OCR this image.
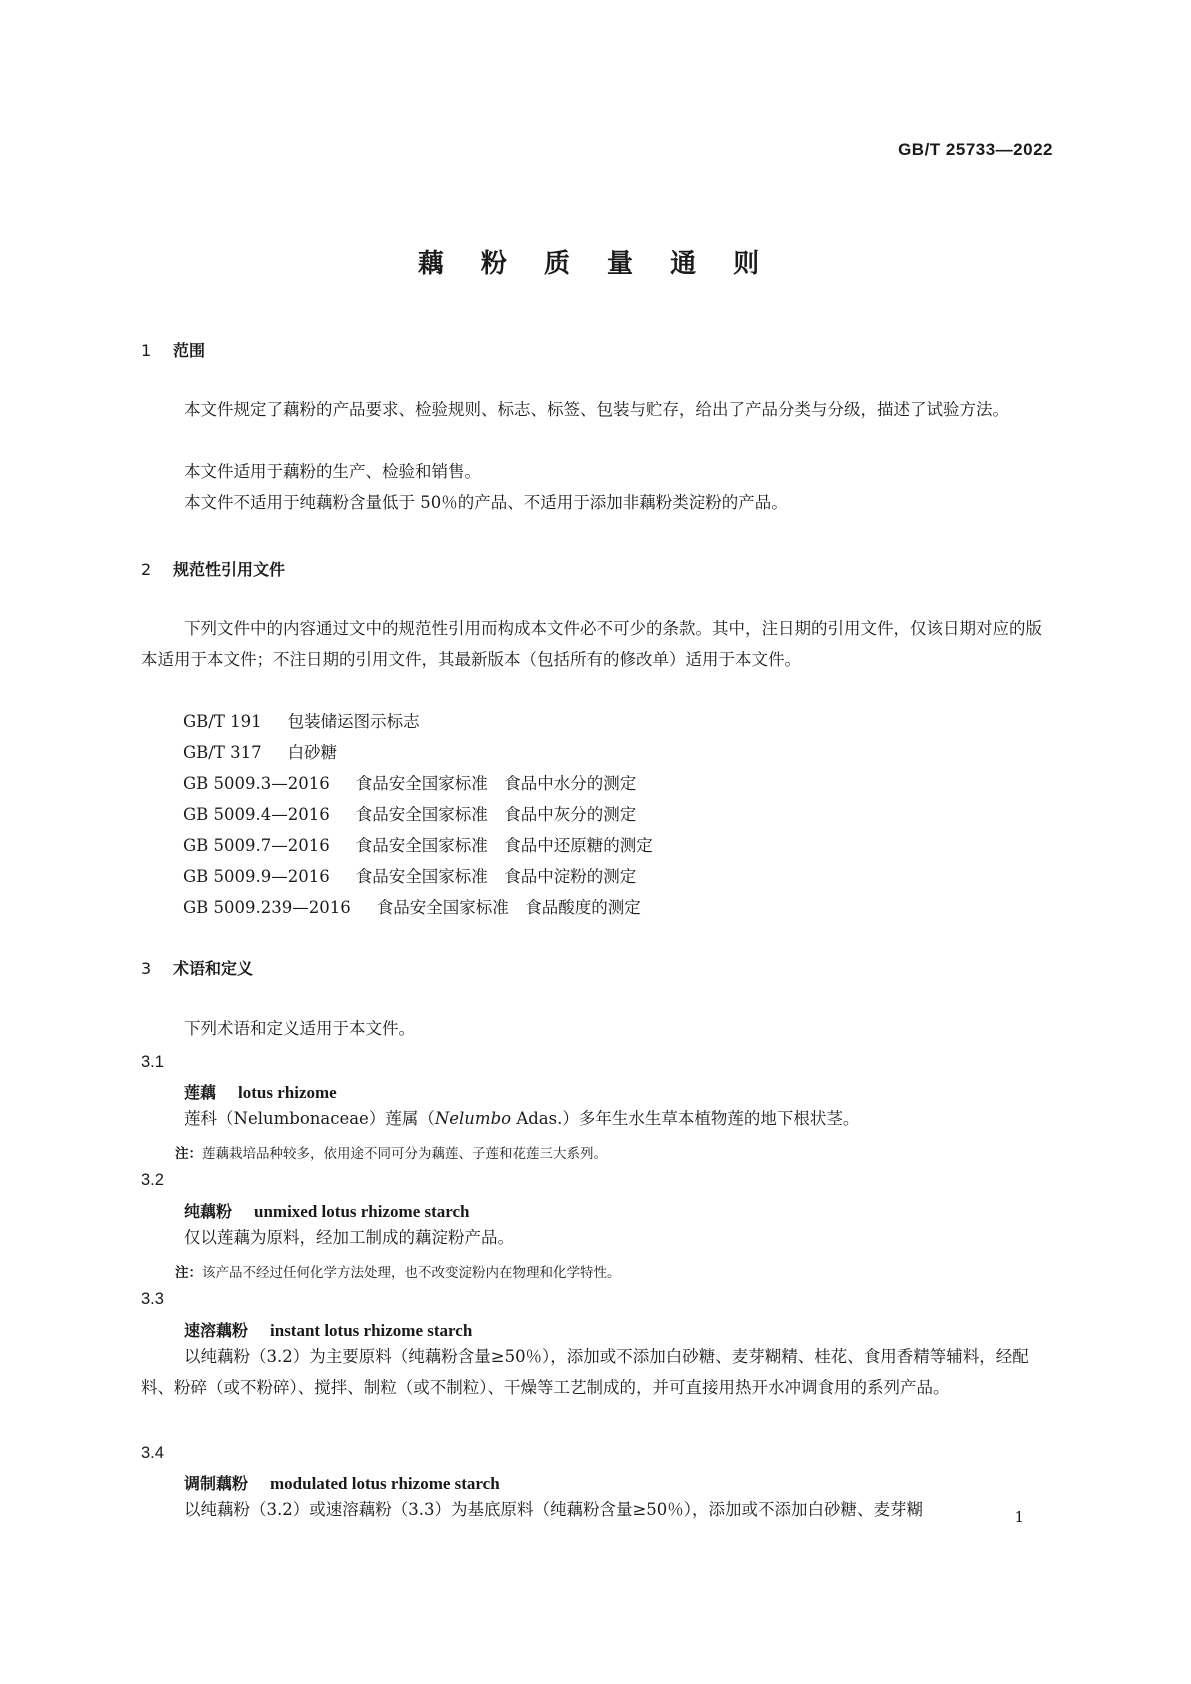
GB/T 25733—2022
藕 粉 质 量 通 则
1 范围
本文件规定了藕粉的产品要求、检验规则、标志、标签、包装与贮存，给出了产品分类与分级，描述了试验方法。
本文件适用于藕粉的生产、检验和销售。
本文件不适用于纯藕粉含量低于 50％的产品、不适用于添加非藕粉类淀粉的产品。
2 规范性引用文件
下列文件中的内容通过文中的规范性引用而构成本文件必不可少的条款。其中，注日期的引用文件，仅该日期对应的版本适用于本文件；不注日期的引用文件，其最新版本（包括所有的修改单）适用于本文件。
GB/T 191 包装储运图示标志
GB/T 317 白砂糖
GB 5009.3—2016 食品安全国家标准　食品中水分的测定
GB 5009.4—2016 食品安全国家标准　食品中灰分的测定
GB 5009.7—2016 食品安全国家标准　食品中还原糖的测定
GB 5009.9—2016 食品安全国家标准　食品中淀粉的测定
GB 5009.239—2016 食品安全国家标准　食品酸度的测定
3 术语和定义
下列术语和定义适用于本文件。
3.1
莲藕 lotus rhizome
莲科（Nelumbonaceae）莲属（Nelumbo Adas.）多年生水生草本植物莲的地下根状茎。
注：莲藕栽培品种较多，依用途不同可分为藕莲、子莲和花莲三大系列。
3.2
纯藕粉 unmixed lotus rhizome starch
仅以莲藕为原料，经加工制成的藕淀粉产品。
注：该产品不经过任何化学方法处理，也不改变淀粉内在物理和化学特性。
3.3
速溶藕粉 instant lotus rhizome starch
以纯藕粉（3.2）为主要原料（纯藕粉含量≥50％），添加或不添加白砂糖、麦芽糊精、桂花、食用香精等辅料，经配料、粉碎（或不粉碎）、搅拌、制粒（或不制粒）、干燥等工艺制成的，并可直接用热开水冲调食用的系列产品。
3.4
调制藕粉 modulated lotus rhizome starch
以纯藕粉（3.2）或速溶藕粉（3.3）为基底原料（纯藕粉含量≥50％），添加或不添加白砂糖、麦芽糊	1
